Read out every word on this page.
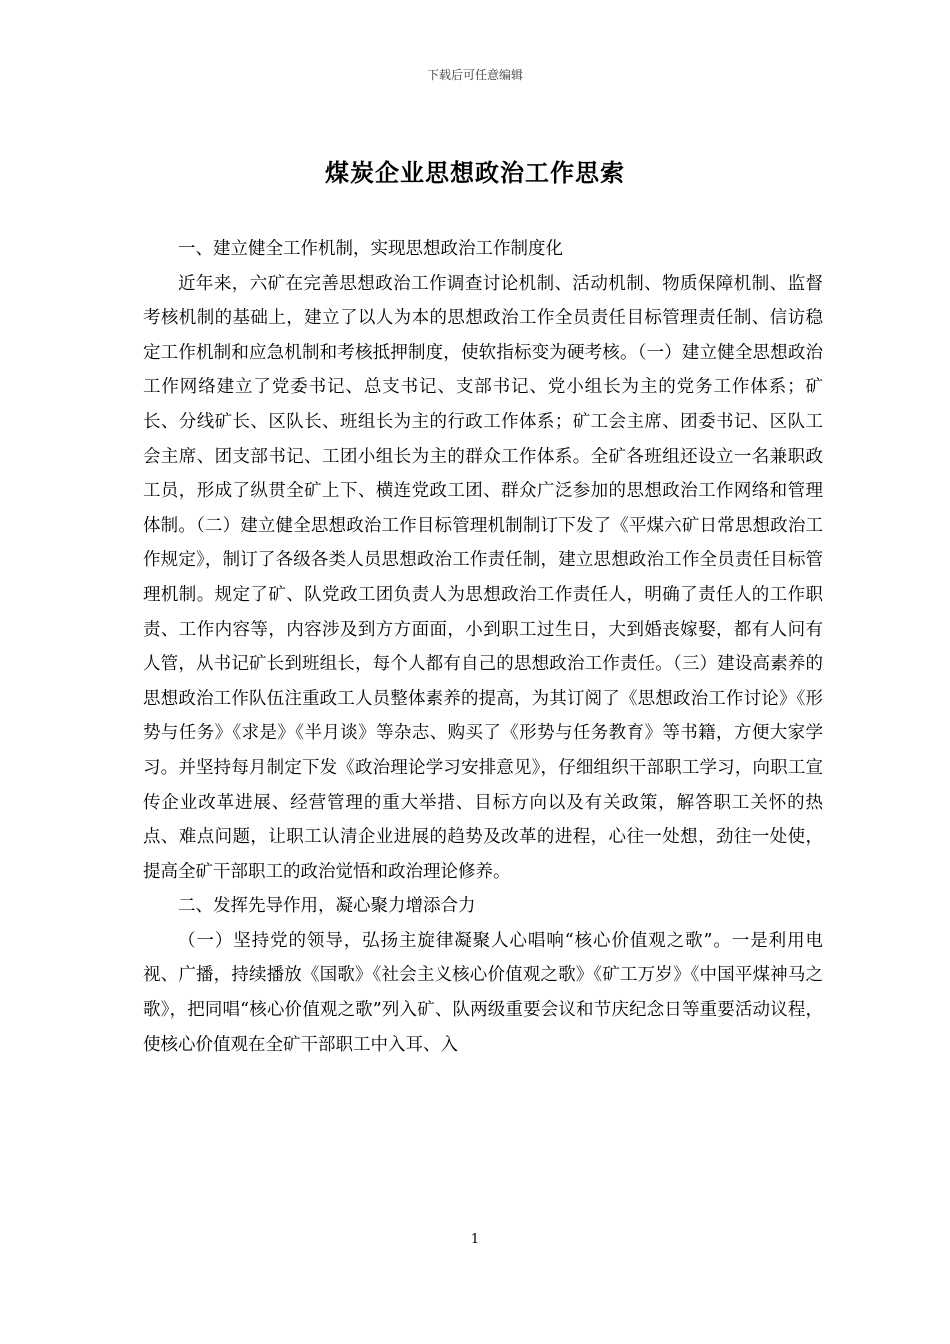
下载后可任意编辑
煤炭企业思想政治工作思索

一、建立健全工作机制，实现思想政治工作制度化

近年来，六矿在完善思想政治工作调查讨论机制、活动机制、物质保障机制、监督考核机制的基础上，建立了以人为本的思想政治工作全员责任目标管理责任制、信访稳定工作机制和应急机制和考核抵押制度，使软指标变为硬考核。（一）建立健全思想政治工作网络建立了党委书记、总支书记、支部书记、党小组长为主的党务工作体系；矿长、分线矿长、区队长、班组长为主的行政工作体系；矿工会主席、团委书记、区队工会主席、团支部书记、工团小组长为主的群众工作体系。全矿各班组还设立一名兼职政工员，形成了纵贯全矿上下、横连党政工团、群众广泛参加的思想政治工作网络和管理体制。（二）建立健全思想政治工作目标管理机制制订下发了《平煤六矿日常思想政治工作规定》，制订了各级各类人员思想政治工作责任制，建立思想政治工作全员责任目标管理机制。规定了矿、队党政工团负责人为思想政治工作责任人，明确了责任人的工作职责、工作内容等，内容涉及到方方面面，小到职工过生日，大到婚丧嫁娶，都有人问有人管，从书记矿长到班组长，每个人都有自己的思想政治工作责任。（三）建设高素养的思想政治工作队伍注重政工人员整体素养的提高，为其订阅了《思想政治工作讨论》《形势与任务》《求是》《半月谈》等杂志、购买了《形势与任务教育》等书籍，方便大家学习。并坚持每月制定下发《政治理论学习安排意见》，仔细组织干部职工学习，向职工宣传企业改革进展、经营管理的重大举措、目标方向以及有关政策，解答职工关怀的热点、难点问题，让职工认清企业进展的趋势及改革的进程，心往一处想，劲往一处使，提高全矿干部职工的政治觉悟和政治理论修养。

二、发挥先导作用，凝心聚力增添合力

（一）坚持党的领导，弘扬主旋律凝聚人心唱响“核心价值观之歌”。一是利用电视、广播，持续播放《国歌》《社会主义核心价值观之歌》《矿工万岁》《中国平煤神马之歌》，把同唱“核心价值观之歌”列入矿、队两级重要会议和节庆纪念日等重要活动议程，使核心价值观在全矿干部职工中入耳、入

1
